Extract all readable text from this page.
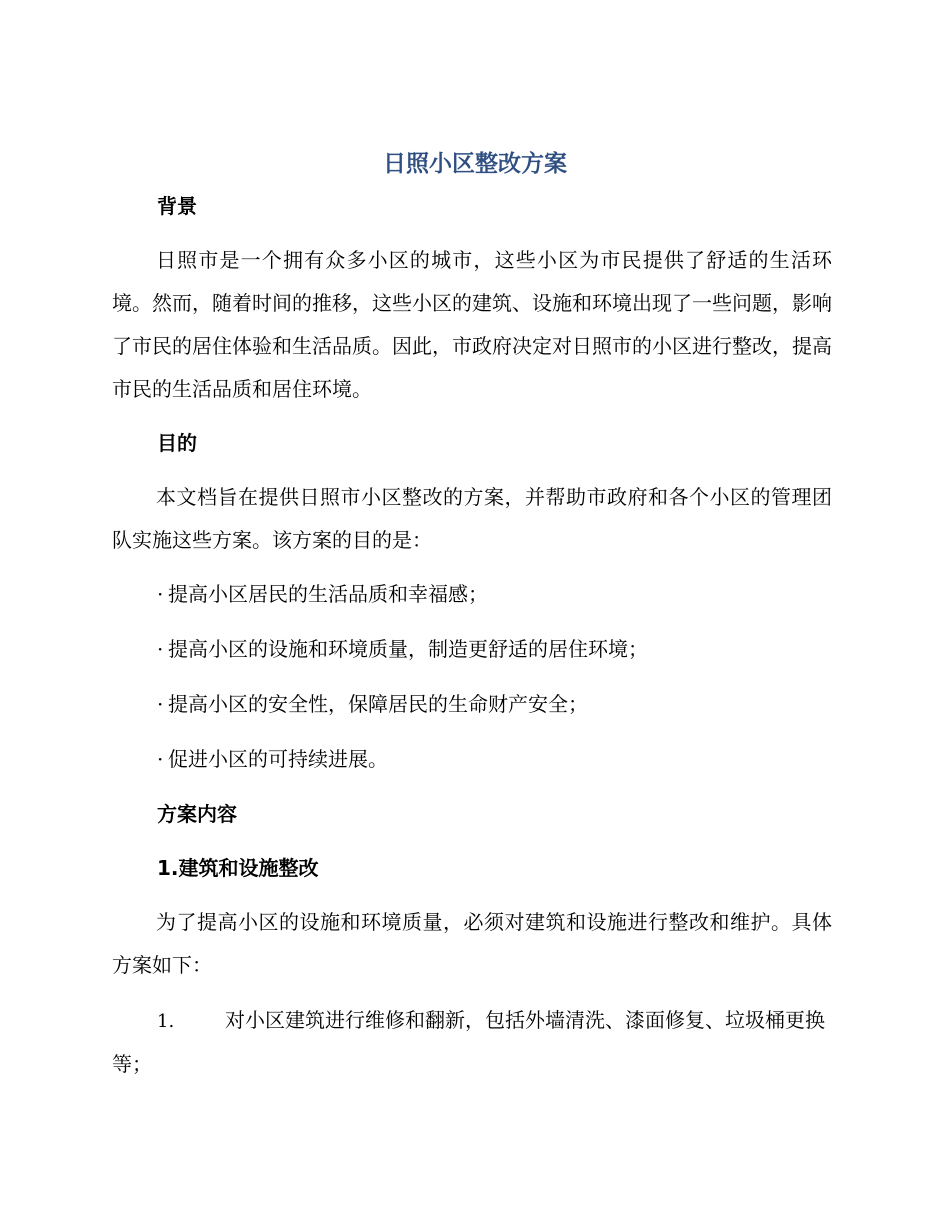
日照小区整改方案
背景

日照市是一个拥有众多小区的城市，这些小区为市民提供了舒适的生活环境。然而，随着时间的推移，这些小区的建筑、设施和环境出现了一些问题，影响了市民的居住体验和生活品质。因此，市政府决定对日照市的小区进行整改，提高市民的生活品质和居住环境。

目的

本文档旨在提供日照市小区整改的方案，并帮助市政府和各个小区的管理团队实施这些方案。该方案的目的是：

· 提高小区居民的生活品质和幸福感；
· 提高小区的设施和环境质量，制造更舒适的居住环境；
· 提高小区的安全性，保障居民的生命财产安全；
· 促进小区的可持续进展。
方案内容
1.建筑和设施整改

为了提高小区的设施和环境质量，必须对建筑和设施进行整改和维护。具体方案如下：

1.	对小区建筑进行维修和翻新，包括外墙清洗、漆面修复、垃圾桶更换等；
